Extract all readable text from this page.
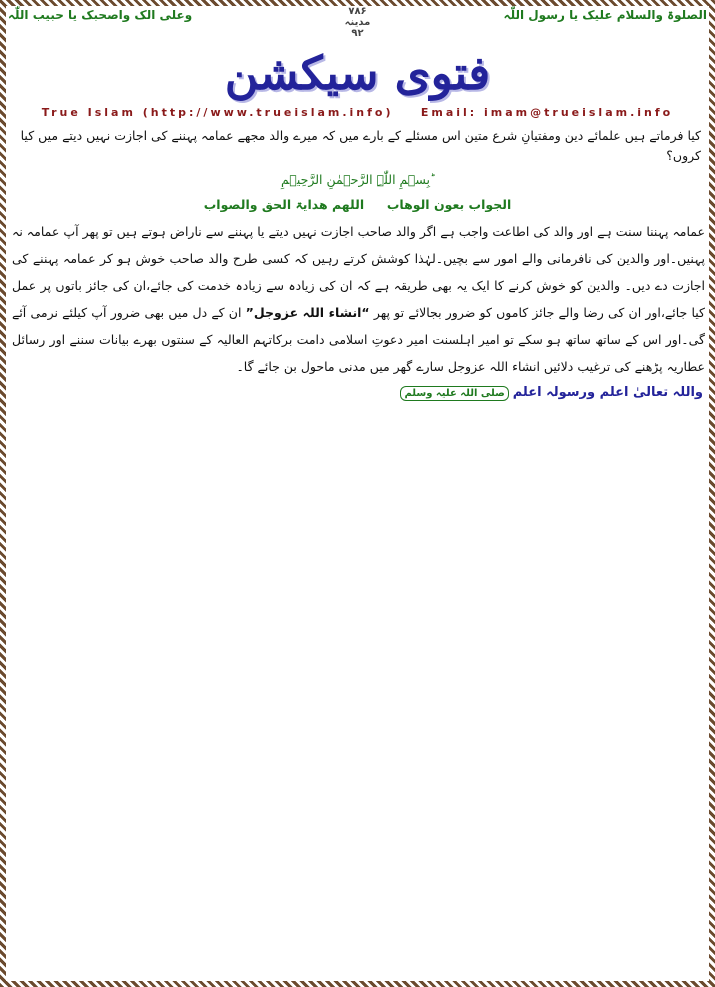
الصلوۃ والسلام علیک یا رسول اللّٰہ
۷۸۶
مدینہ
۹۲
وعلی الک واصحبک یا حبیب اللّٰہ
فتوی سیکشن
True Islam (http://www.trueislam.info) Email: imam@trueislam.info
کیا فرماتے ہیں علمائے دین ومفتیانِ شرع متین اس مسئلے کے بارے میں کہ میرے والد مجھے عمامہ پہننے کی اجازت نہیں دیتے میں کیا کروں؟
بِسۡمِ اللّٰہِ الرَّحۡمٰنِ الرَّحِیۡمِ ؕ
الجواب بعون الوھاب  اللھم ھدایۃ الحق والصواب
عمامہ پہننا سنت ہے اور والد کی اطاعت واجب ہے اگر والد صاحب اجازت نہیں دیتے یا پہننے سے ناراض ہوتے ہیں تو پھر آپ عمامہ نہ پہنیں۔اور والدین کی نافرمانی والے امور سے بچیں۔لہٰذا کوشش کرتے رہیں کہ کسی طرح والد صاحب خوش ہو کر عمامہ پہننے کی اجازت دے دیں۔ والدین کو خوش کرنے کا ایک یہ بھی طریقہ ہے کہ ان کی زیادہ سے زیادہ خدمت کی جائے،ان کی جائز باتوں پر عمل کیا جائے،اور ان کی رضا والے جائز کاموں کو ضرور بجالائے تو پھر “انشاء اللہ عزوجل” ان کے دل میں بھی ضرور آپ کیلئے نرمی آئے گی۔اور اس کے ساتھ ساتھ ہو سکے تو امیر اہلسنت امیر دعوتِ اسلامی دامت برکاتہم العالیہ کے سنتوں بھرے بیانات سننے اور رسائل عطاریہ پڑھنے کی ترغیب دلائیں انشاء اللہ عزوجل سارے گھر میں مدنی ماحول بن جائے گا۔
واللہ تعالیٰ اعلم ورسولہ اعلم
صلی اللہ علیہ وسلم
